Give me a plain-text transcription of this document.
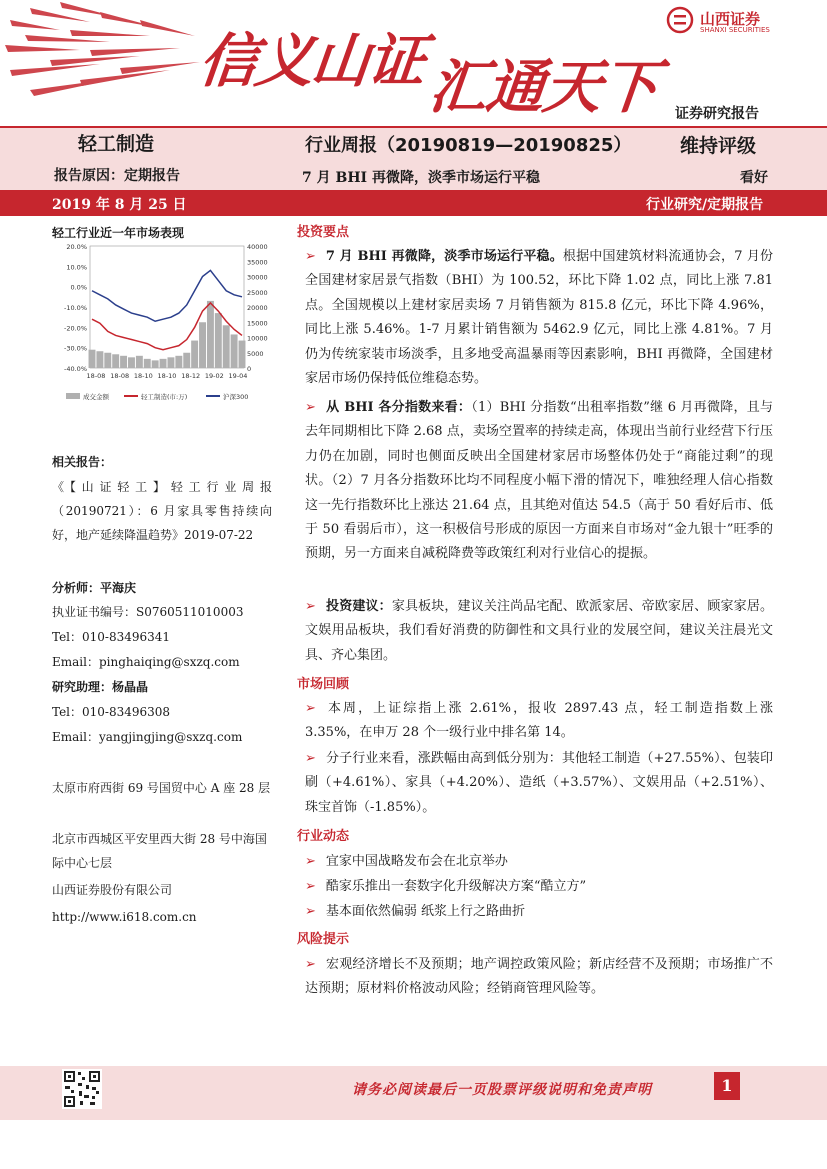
信义山证
汇通天下
山西证券
SHANXI SECURITIES
证券研究报告
轻工制造	行业周报（20190819—20190825）	维持评级
报告原因：定期报告	7 月 BHI 再微降，淡季市场运行平稳	看好
2019 年 8 月 25 日	行业研究/定期报告
轻工行业近一年市场表现
20.0%
10.0%
0.0%
-10.0%
-20.0%
-30.0%
-40.0%
40000
35000
30000
25000
20000
15000
10000
5000
0
18-08 18-08 18-10 18-10 18-12 19-02 19-04
成交金额	轻工制造(市:万)	沪深300
相关报告：
《【山证轻工】轻工行业周报（20190721）：6 月家具零售持续向好，地产延续降温趋势》2019-07-22
分析师：平海庆
执业证书编号：S0760511010003
Tel：010-83496341
Email：pinghaiqing@sxzq.com
研究助理：杨晶晶
Tel：010-83496308
Email：yangjingjing@sxzq.com
太原市府西街 69 号国贸中心 A 座 28 层
北京市西城区平安里西大街 28 号中海国际中心七层
山西证券股份有限公司
http://www.i618.com.cn
投资要点
➢ 7 月 BHI 再微降，淡季市场运行平稳。根据中国建筑材料流通协会，7 月份全国建材家居景气指数（BHI）为 100.52，环比下降 1.02 点，同比上涨 7.81 点。全国规模以上建材家居卖场 7 月销售额为 815.8 亿元，环比下降 4.96%，同比上涨 5.46%。1-7 月累计销售额为 5462.9 亿元，同比上涨 4.81%。7 月仍为传统家装市场淡季，且多地受高温暴雨等因素影响，BHI 再微降，全国建材家居市场仍保持低位维稳态势。
➢ 从 BHI 各分指数来看：（1）BHI 分指数“出租率指数”继 6 月再微降，且与去年同期相比下降 2.68 点，卖场空置率的持续走高，体现出当前行业经营下行压力仍在加剧，同时也侧面反映出全国建材家居市场整体仍处于“商能过剩”的现状。（2）7 月各分指数环比均不同程度小幅下滑的情况下，唯独经理人信心指数这一先行指数环比上涨达 21.64 点，且其绝对值达 54.5（高于 50 看好后市、低于 50 看弱后市），这一积极信号形成的原因一方面来自市场对“金九银十”旺季的预期，另一方面来自减税降费等政策红利对行业信心的提振。
➢ 投资建议：家具板块，建议关注尚品宅配、欧派家居、帝欧家居、顾家家居。文娱用品板块，我们看好消费的防御性和文具行业的发展空间，建议关注晨光文具、齐心集团。
市场回顾
➢ 本周，上证综指上涨 2.61%，报收 2897.43 点，轻工制造指数上涨 3.35%，在申万 28 个一级行业中排名第 14。
➢ 分子行业来看，涨跌幅由高到低分别为：其他轻工制造（+27.55%）、包装印刷（+4.61%）、家具（+4.20%）、造纸（+3.57%）、文娱用品（+2.51%）、珠宝首饰（-1.85%）。
行业动态
➢ 宜家中国战略发布会在北京举办
➢ 酷家乐推出一套数字化升级解决方案“酷立方”
➢ 基本面依然偏弱 纸浆上行之路曲折
风险提示
➢ 宏观经济增长不及预期；地产调控政策风险；新店经营不及预期；市场推广不达预期；原材料价格波动风险；经销商管理风险等。
请务必阅读最后一页股票评级说明和免责声明	1
